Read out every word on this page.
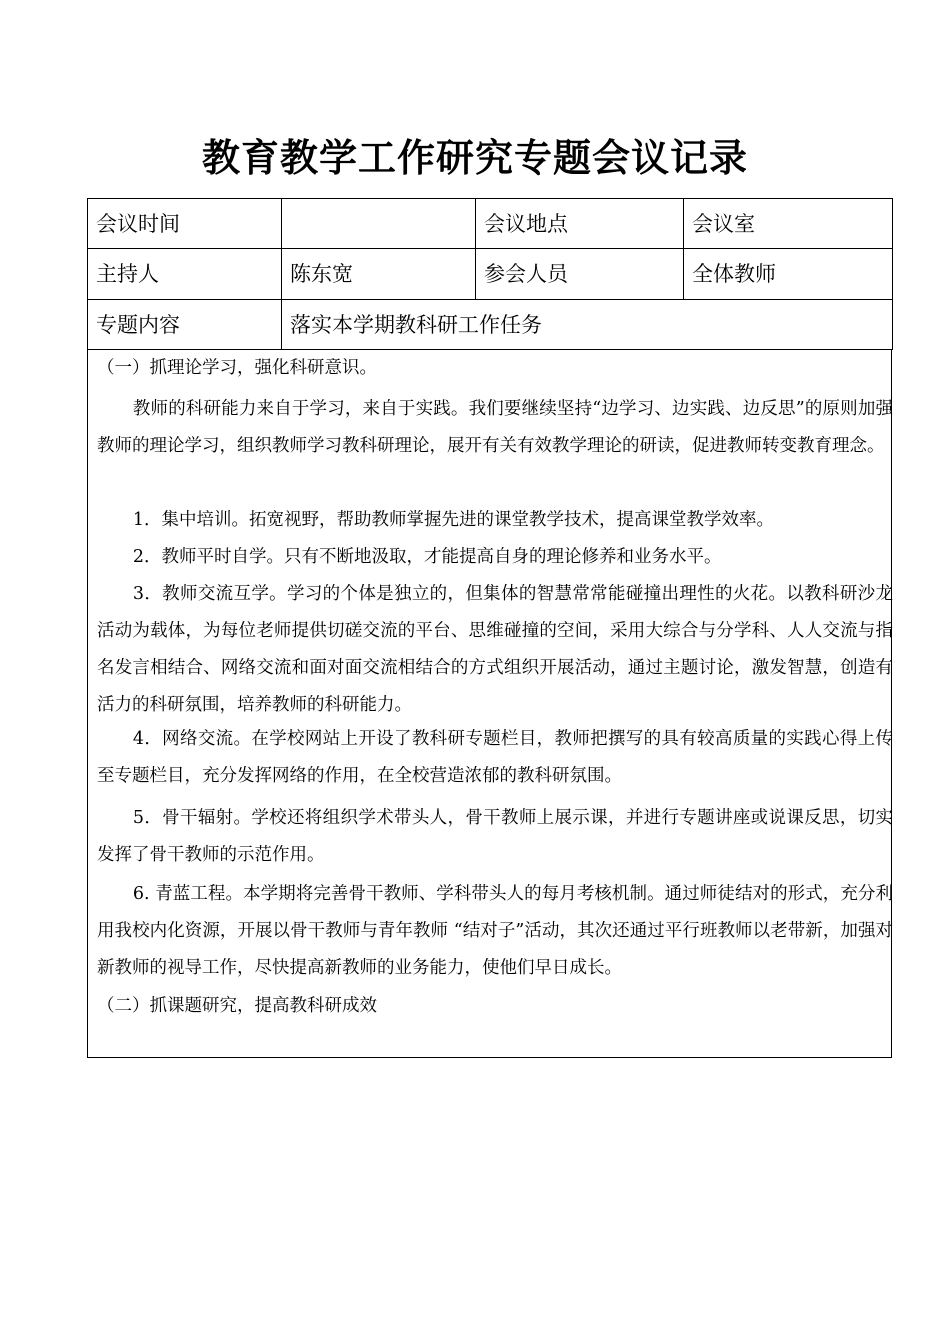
教育教学工作研究专题会议记录
会议时间		会议地点	会议室
主持人	陈东宽	参会人员	全体教师
专题内容	落实本学期教科研工作任务		

（一）抓理论学习，强化科研意识。

教师的科研能力来自于学习，来自于实践。我们要继续坚持“边学习、边实践、边反思”的原则加强教师的理论学习，组织教师学习教科研理论，展开有关有效教学理论的研读，促进教师转变教育理念。

1．集中培训。拓宽视野，帮助教师掌握先进的课堂教学技术，提高课堂教学效率。

2．教师平时自学。只有不断地汲取，才能提高自身的理论修养和业务水平。

3．教师交流互学。学习的个体是独立的，但集体的智慧常常能碰撞出理性的火花。以教科研沙龙活动为载体，为每位老师提供切磋交流的平台、思维碰撞的空间，采用大综合与分学科、人人交流与指名发言相结合、网络交流和面对面交流相结合的方式组织开展活动，通过主题讨论，激发智慧，创造有活力的科研氛围，培养教师的科研能力。

4．网络交流。在学校网站上开设了教科研专题栏目，教师把撰写的具有较高质量的实践心得上传至专题栏目，充分发挥网络的作用，在全校营造浓郁的教科研氛围。

5．骨干辐射。学校还将组织学术带头人，骨干教师上展示课，并进行专题讲座或说课反思，切实发挥了骨干教师的示范作用。

6. 青蓝工程。本学期将完善骨干教师、学科带头人的每月考核机制。通过师徒结对的形式，充分利用我校内化资源，开展以骨干教师与青年教师 “结对子”活动，其次还通过平行班教师以老带新，加强对新教师的视导工作，尽快提高新教师的业务能力，使他们早日成长。

（二）抓课题研究，提高教科研成效
